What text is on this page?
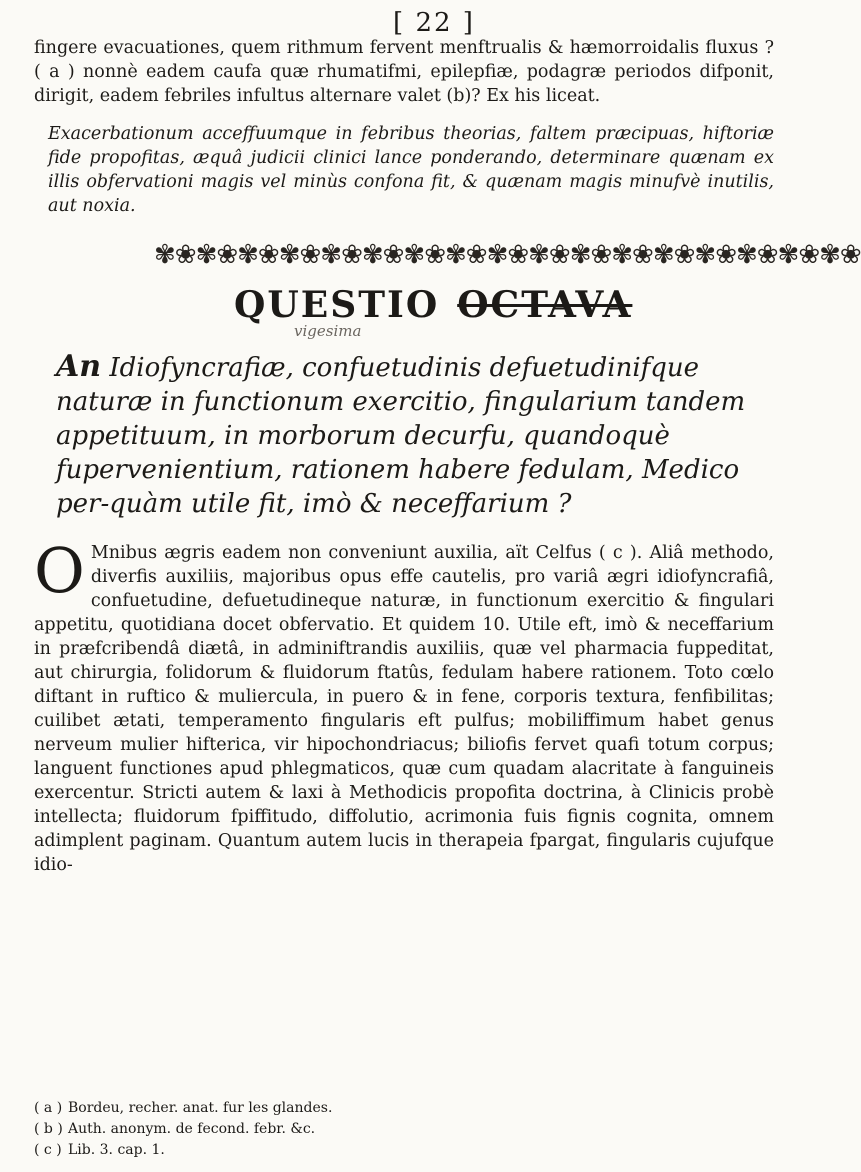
[ 22 ]
fingere evacuationes, quem rithmum fervent menftrualis & hæmorroidalis fluxus ? ( a ) nonnè eadem caufa quæ rhumatifmi, epilepfiæ, podagræ periodos difponit, dirigit, eadem febriles infultus alternare valet (b)? Ex his liceat.
Exacerbationum acceffuumque in febribus theorias, faltem præcipuas, hiftoriæ fide propofitas, æquâ judicii clinici lance ponderando, determinare quænam ex illis obfervationi magis vel minùs confona fit, & quænam magis minufvè inutilis, aut noxia.
✾❀✾❀✾❀✾❀✾❀✾❀✾❀✾❀✾❀✾❀✾❀✾❀✾❀✾❀✾❀✾❀✾❀
QUESTIO OCTAVA
vigesima
An Idiofyncrafiæ, confuetudinis defuetudinifque naturæ in functionum exercitio, fingularium tandem appetituum, in morborum decurfu, quandoquè fupervenientium, rationem habere fedulam, Medico per-quàm utile fit, imò & neceffarium ?
O Mnibus ægris eadem non conveniunt auxilia, aït Celfus ( c ). Aliâ methodo, diverfis auxiliis, majoribus opus effe cautelis, pro variâ ægri idiofyncrafiâ, confuetudine, defuetudineque naturæ, in functionum exercitio & fingulari appetitu, quotidiana docet obfervatio. Et quidem 10. Utile eft, imò & neceffarium in præfcribendâ diætâ, in adminiftrandis auxiliis, quæ vel pharmacia fuppeditat, aut chirurgia, folidorum & fluidorum ftatûs, fedulam habere rationem. Toto cœlo diftant in ruftico & muliercula, in puero & in fene, corporis textura, fenfibilitas; cuilibet ætati, temperamento fingularis eft pulfus; mobiliffimum habet genus nerveum mulier hifterica, vir hipochondriacus; biliofis fervet quafi totum corpus; languent functiones apud phlegmaticos, quæ cum quadam alacritate à fanguineis exercentur. Stricti autem & laxi à Methodicis propofita doctrina, à Clinicis probè intellecta; fluidorum fpiffitudo, diffolutio, acrimonia fuis fignis cognita, omnem adimplent paginam. Quantum autem lucis in therapeia fpargat, fingularis cujufque idio-
( a ) Bordeu, recher. anat. fur les glandes.
( b ) Auth. anonym. de fecond. febr. &c.
( c ) Lib. 3. cap. 1.
